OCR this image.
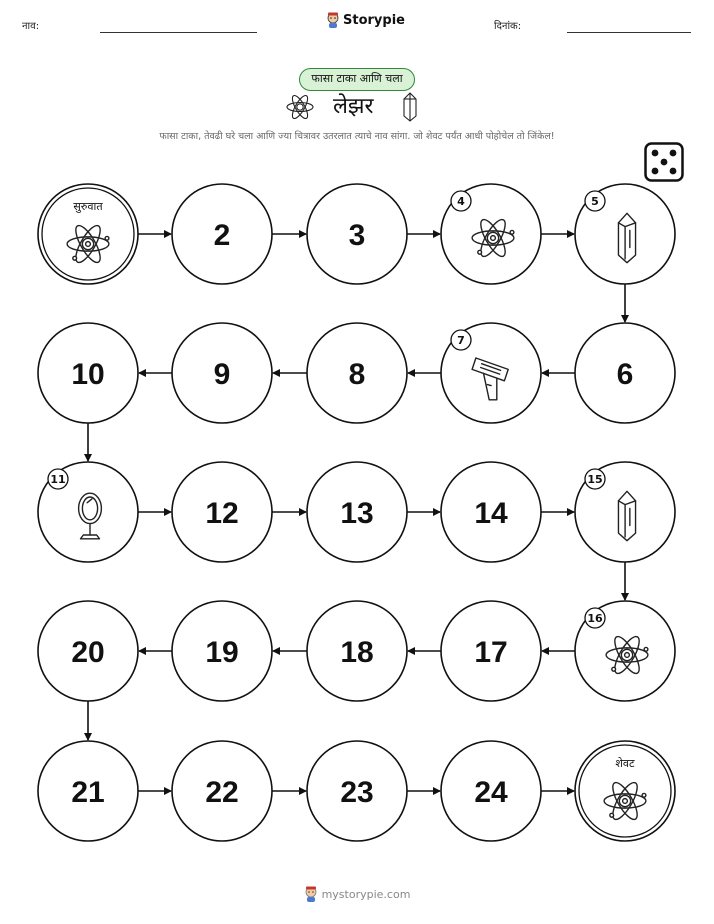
नाव:	Storypie	दिनांक:
फासा टाका आणि चला
लेझर
फासा टाका, तेवढी घरे चला आणि ज्या चित्रावर उतरलात त्याचे नाव सांगा. जो शेवट पर्यंत आधी पोहोचेल तो जिंकेल!
सुरुवात
2	3
4	5
6
7
8
9
10
11
12	13	14
15
16
17
18
19
20
21	22	23	24
शेवट
mystorypie.com
